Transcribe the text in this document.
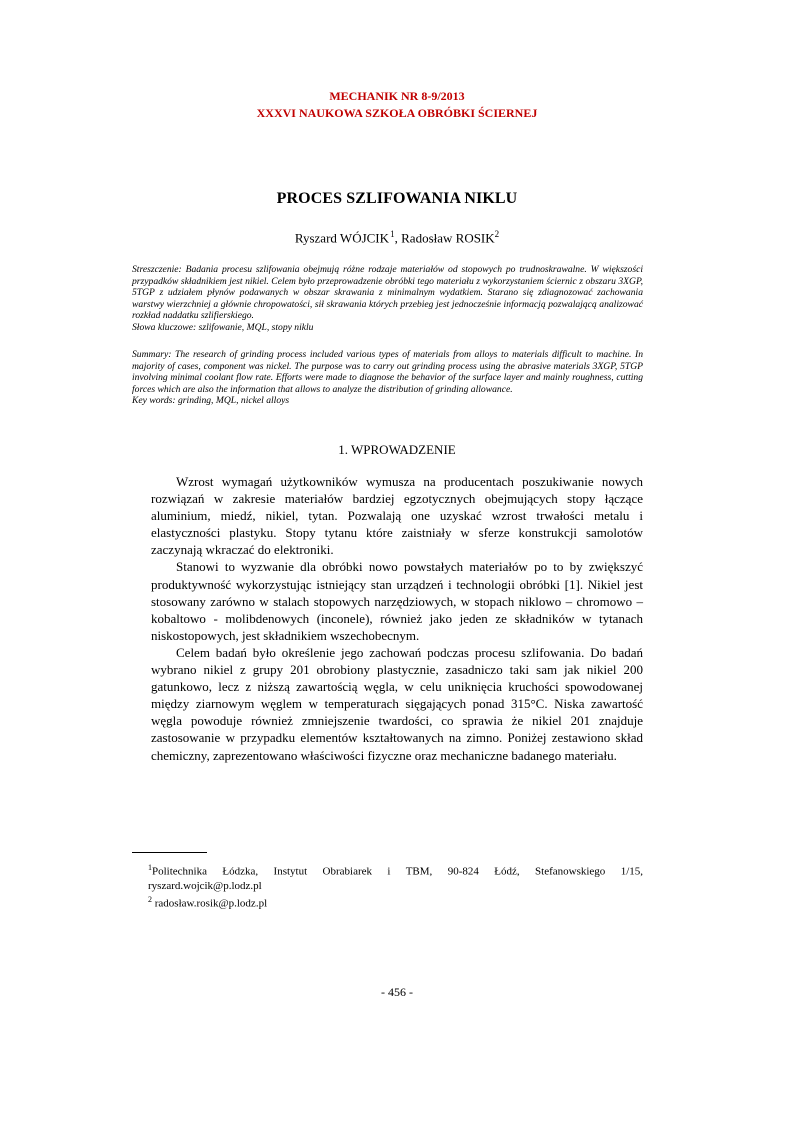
MECHANIK NR 8-9/2013
XXXVI NAUKOWA SZKOŁA OBRÓBKI ŚCIERNEJ
PROCES SZLIFOWANIA NIKLU
Ryszard WÓJCIK $^1$, Radosław ROSIK$^2$
Streszczenie: Badania procesu szlifowania obejmują różne rodzaje materiałów od stopowych po trudnoskrawalne. W większości przypadków składnikiem jest nikiel. Celem było przeprowadzenie obróbki tego materiału z wykorzystaniem ściernic z obszaru 3XGP, 5TGP z udziałem płynów podawanych w obszar skrawania z minimalnym wydatkiem. Starano się zdiagnozować zachowania warstwy wierzchniej a głównie chropowatości, sił skrawania których przebieg jest jednocześnie informacją pozwalającą analizować rozkład naddatku szlifierskiego.
Słowa kluczowe: szlifowanie, MQL, stopy niklu
Summary: The research of grinding process included various types of materials from alloys to materials difficult to machine. In majority of cases, component was nickel. The purpose was to carry out grinding process using the abrasive materials 3XGP, 5TGP involving minimal coolant flow rate. Efforts were made to diagnose the behavior of the surface layer and mainly roughness, cutting forces which are also the information that allows to analyze the distribution of grinding allowance.
Key words: grinding, MQL, nickel alloys
1. WPROWADZENIE

Wzrost wymagań użytkowników wymusza na producentach poszukiwanie nowych rozwiązań w zakresie materiałów bardziej egzotycznych obejmujących stopy łączące aluminium, miedź, nikiel, tytan. Pozwalają one uzyskać wzrost trwałości metalu i elastyczności plastyku. Stopy tytanu które zaistniały w sferze konstrukcji samolotów zaczynają wkraczać do elektroniki.

Stanowi to wyzwanie dla obróbki nowo powstałych materiałów po to by zwiększyć produktywność wykorzystując istniejący stan urządzeń i technologii obróbki [1]. Nikiel jest stosowany zarówno w stalach stopowych narzędziowych, w stopach niklowo – chromowo – kobaltowo - molibdenowych (inconele), również jako jeden ze składników w tytanach niskostopowych, jest składnikiem wszechobecnym.

Celem badań było określenie jego zachowań podczas procesu szlifowania. Do badań wybrano nikiel z grupy 201 obrobiony plastycznie, zasadniczo taki sam jak nikiel 200 gatunkowo, lecz z niższą zawartością węgla, w celu uniknięcia kruchości spowodowanej między ziarnowym węglem w temperaturach sięgających ponad 315°C. Niska zawartość węgla powoduje również zmniejszenie twardości, co sprawia że nikiel 201 znajduje zastosowanie w przypadku elementów kształtowanych na zimno. Poniżej zestawiono skład chemiczny, zaprezentowano właściwości fizyczne oraz mechaniczne badanego materiału.

$^1$Politechnika Łódzka, Instytut Obrabiarek i TBM, 90-824 Łódź, Stefanowskiego 1/15, ryszard.wojcik@p.lodz.pl
$^2$ radosław.rosik@p.lodz.pl
- 456 -
